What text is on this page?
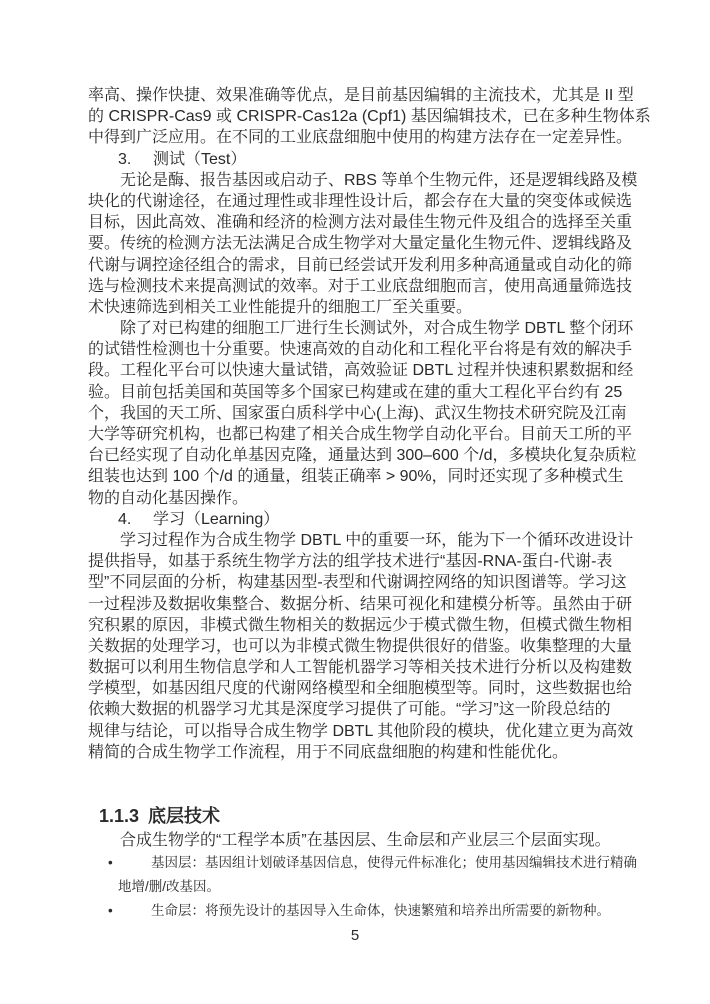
率高、操作快捷、效果准确等优点，是目前基因编辑的主流技术，尤其是 II 型
的 CRISPR-Cas9 或 CRISPR-Cas12a (Cpf1) 基因编辑技术，已在多种生物体系
中得到广泛应用。在不同的工业底盘细胞中使用的构建方法存在一定差异性。
3. 测试（Test）
无论是酶、报告基因或启动子、RBS 等单个生物元件，还是逻辑线路及模
块化的代谢途径，在通过理性或非理性设计后，都会存在大量的突变体或候选
目标，因此高效、准确和经济的检测方法对最佳生物元件及组合的选择至关重
要。传统的检测方法无法满足合成生物学对大量定量化生物元件、逻辑线路及
代谢与调控途径组合的需求，目前已经尝试开发利用多种高通量或自动化的筛
选与检测技术来提高测试的效率。对于工业底盘细胞而言，使用高通量筛选技
术快速筛选到相关工业性能提升的细胞工厂至关重要。
除了对已构建的细胞工厂进行生长测试外，对合成生物学 DBTL 整个闭环
的试错性检测也十分重要。快速高效的自动化和工程化平台将是有效的解决手
段。工程化平台可以快速大量试错，高效验证 DBTL 过程并快速积累数据和经
验。目前包括美国和英国等多个国家已构建或在建的重大工程化平台约有 25
个，我国的天工所、国家蛋白质科学中心(上海)、武汉生物技术研究院及江南
大学等研究机构，也都已构建了相关合成生物学自动化平台。目前天工所的平
台已经实现了自动化单基因克隆，通量达到 300–600 个/d，多模块化复杂质粒
组装也达到 100 个/d 的通量，组装正确率 > 90%，同时还实现了多种模式生
物的自动化基因操作。
4. 学习（Learning）
学习过程作为合成生物学 DBTL 中的重要一环，能为下一个循环改进设计
提供指导，如基于系统生物学方法的组学技术进行“基因-RNA-蛋白-代谢-表
型”不同层面的分析，构建基因型-表型和代谢调控网络的知识图谱等。学习这
一过程涉及数据收集整合、数据分析、结果可视化和建模分析等。虽然由于研
究积累的原因，非模式微生物相关的数据远少于模式微生物，但模式微生物相
关数据的处理学习，也可以为非模式微生物提供很好的借鉴。收集整理的大量
数据可以利用生物信息学和人工智能机器学习等相关技术进行分析以及构建数
学模型，如基因组尺度的代谢网络模型和全细胞模型等。同时，这些数据也给
依赖大数据的机器学习尤其是深度学习提供了可能。“学习”这一阶段总结的
规律与结论，可以指导合成生物学 DBTL 其他阶段的模块，优化建立更为高效
精简的合成生物学工作流程，用于不同底盘细胞的构建和性能优化。
1.1.3 底层技术
合成生物学的“工程学本质”在基因层、生命层和产业层三个层面实现。
•	基因层：基因组计划破译基因信息，使得元件标准化；使用基因编辑技术进行精确
地增/删/改基因。
•	生命层：将预先设计的基因导入生命体，快速繁殖和培养出所需要的新物种。
5
